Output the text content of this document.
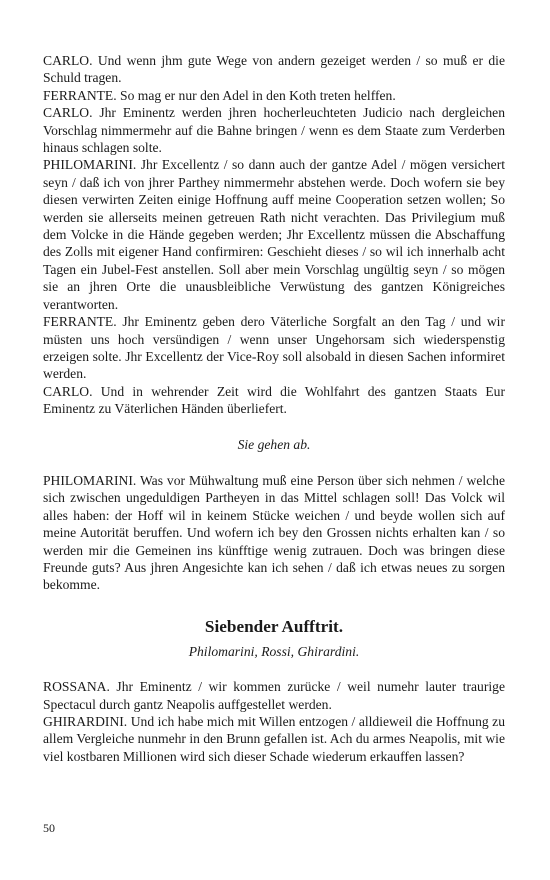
CARLO. Und wenn jhm gute Wege von andern gezeiget werden / so muß er die Schuld tragen.

FERRANTE. So mag er nur den Adel in den Koth treten helffen.

CARLO. Jhr Eminentz werden jhren hocherleuchteten Judicio nach dergleichen Vorschlag nimmermehr auf die Bahne bringen / wenn es dem Staate zum Verderben hinaus schlagen solte.

PHILOMARINI. Jhr Excellentz / so dann auch der gantze Adel / mögen versichert seyn / daß ich von jhrer Parthey nimmermehr abstehen werde. Doch wofern sie bey diesen verwirten Zeiten einige Hoffnung auff meine Cooperation setzen wollen; So werden sie allerseits meinen getreuen Rath nicht verachten. Das Privilegium muß dem Volcke in die Hände gegeben werden; Jhr Excellentz müssen die Abschaffung des Zolls mit eigener Hand confirmiren: Geschieht dieses / so wil ich innerhalb acht Tagen ein Jubel-Fest anstellen. Soll aber mein Vorschlag ungültig seyn / so mögen sie an jhren Orte die unausbleibliche Verwüstung des gantzen Königreiches verantworten.

FERRANTE. Jhr Eminentz geben dero Väterliche Sorgfalt an den Tag / und wir müsten uns hoch versündigen / wenn unser Ungehorsam sich wiederspenstig erzeigen solte. Jhr Excellentz der Vice-Roy soll alsobald in diesen Sachen informiret werden.

CARLO. Und in wehrender Zeit wird die Wohlfahrt des gantzen Staats Eur Eminentz zu Väterlichen Händen überliefert.

Sie gehen ab.

PHILOMARINI. Was vor Mühwaltung muß eine Person über sich nehmen / welche sich zwischen ungeduldigen Partheyen in das Mittel schlagen soll! Das Volck wil alles haben: der Hoff wil in keinem Stücke weichen / und beyde wollen sich auf meine Autorität beruffen. Und wofern ich bey den Grossen nichts erhalten kan / so werden mir die Gemeinen ins künfftige wenig zutrauen. Doch was bringen diese Freunde guts? Aus jhren Angesichte kan ich sehen / daß ich etwas neues zu sorgen bekomme.

Siebender Aufftrit.

Philomarini, Rossi, Ghirardini.

ROSSANA. Jhr Eminentz / wir kommen zurücke / weil numehr lauter traurige Spectacul durch gantz Neapolis auffgestellet werden.

GHIRARDINI. Und ich habe mich mit Willen entzogen / alldieweil die Hoffnung zu allem Vergleiche nunmehr in den Brunn gefallen ist. Ach du armes Neapolis, mit wie viel kostbaren Millionen wird sich dieser Schade wiederum erkauffen lassen?

50
